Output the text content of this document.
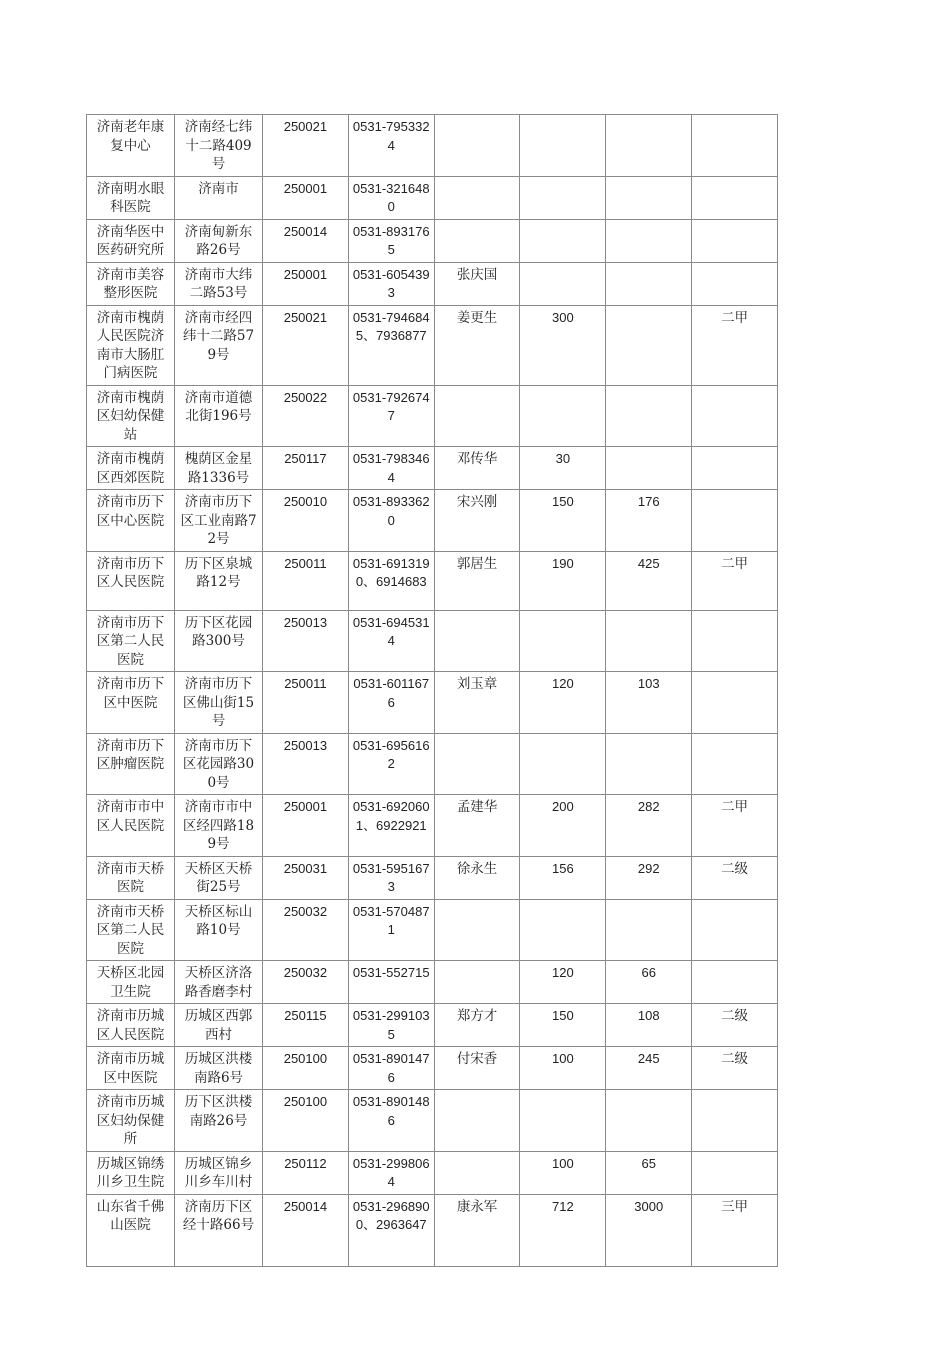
济南老年康复中心	济南经七纬十二路409号	250021	0531-7953324				
济南明水眼科医院	济南市	250001	0531-3216480				
济南华医中医药研究所	济南甸新东路26号	250014	0531-8931765				
济南市美容整形医院	济南市大纬二路53号	250001	0531-6054393	张庆国			
济南市槐荫人民医院济南市大肠肛门病医院	济南市经四纬十二路579号	250021	0531-7946845、7936877	姜更生	300		二甲
济南市槐荫区妇幼保健站	济南市道德北街196号	250022	0531-7926747				
济南市槐荫区西郊医院	槐荫区金星路1336号	250117	0531-7983464	邓传华	30		
济南市历下区中心医院	济南市历下区工业南路72号	250010	0531-8933620	宋兴刚	150	176	
济南市历下区人民医院	历下区泉城路12号	250011	0531-6913190、6914683	郭居生	190	425	二甲
济南市历下区第二人民医院	历下区花园路300号	250013	0531-6945314				
济南市历下区中医院	济南市历下区佛山街15号	250011	0531-6011676	刘玉章	120	103	
济南市历下区肿瘤医院	济南市历下区花园路300号	250013	0531-6956162				
济南市市中区人民医院	济南市市中区经四路189号	250001	0531-6920601、6922921	孟建华	200	282	二甲
济南市天桥医院	天桥区天桥街25号	250031	0531-5951673	徐永生	156	292	二级
济南市天桥区第二人民医院	天桥区标山路10号	250032	0531-5704871				
天桥区北园卫生院	天桥区济洛路香磨李村	250032	0531-552715		120	66	
济南市历城区人民医院	历城区西郭西村	250115	0531-2991035	郑方才	150	108	二级
济南市历城区中医院	历城区洪楼南路6号	250100	0531-8901476	付宋香	100	245	二级
济南市历城区妇幼保健所	历下区洪楼南路26号	250100	0531-8901486				
历城区锦绣川乡卫生院	历城区锦乡川乡车川村	250112	0531-2998064		100	65	
山东省千佛山医院	济南历下区经十路66号	250014	0531-2968900、2963647	康永军	712	3000	三甲
